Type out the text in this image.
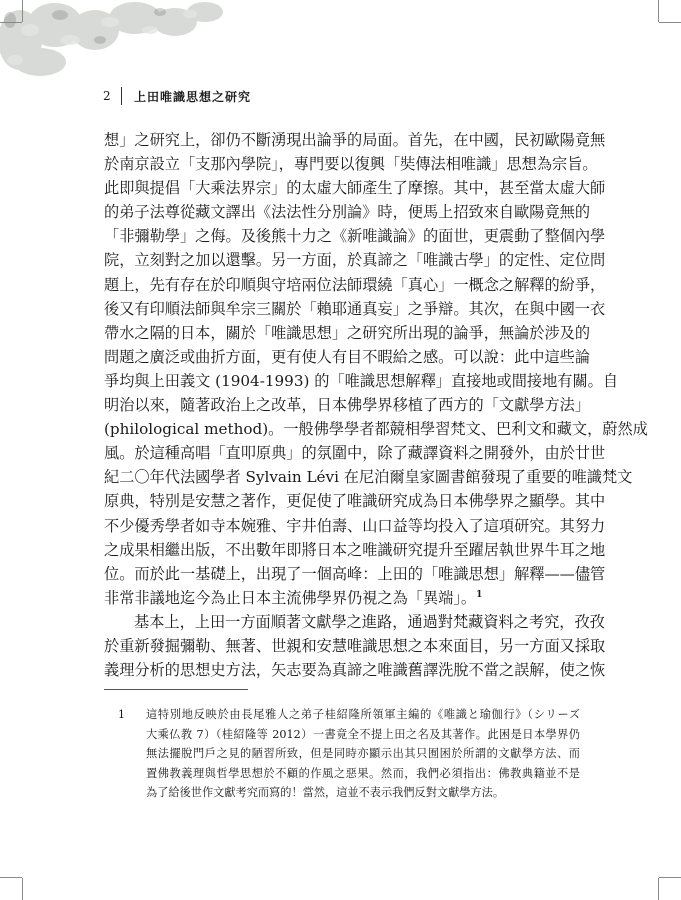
2	上田唯識思想之研究
想」之研究上，卻仍不斷湧現出論爭的局面。首先，在中國，民初歐陽竟無
於南京設立「支那內學院」，專門要以復興「奘傳法相唯識」思想為宗旨。
此即與提倡「大乘法界宗」的太虛大師產生了摩擦。其中，甚至當太虛大師
的弟子法尊從藏文譯出《法法性分別論》時，便馬上招致來自歐陽竟無的
「非彌勒學」之侮。及後熊十力之《新唯識論》的面世，更震動了整個內學
院，立刻對之加以還擊。另一方面，於真諦之「唯識古學」的定性、定位問
題上，先有存在於印順與守培兩位法師環繞「真心」一概念之解釋的紛爭，
後又有印順法師與牟宗三關於「賴耶通真妄」之爭辯。其次，在與中國一衣
帶水之隔的日本，關於「唯識思想」之研究所出現的論爭，無論於涉及的
問題之廣泛或曲折方面，更有使人有目不暇給之感。可以說：此中這些論
爭均與上田義文 (1904-1993) 的「唯識思想解釋」直接地或間接地有關。自
明治以來，隨著政治上之改革，日本佛學界移植了西方的「文獻學方法」
(philological method)。一般佛學學者都競相學習梵文、巴利文和藏文，蔚然成
風。於這種高唱「直叩原典」的氛圍中，除了藏譯資料之開發外，由於廿世
紀二〇年代法國學者 Sylvain Lévi 在尼泊爾皇家圖書館發現了重要的唯識梵文
原典，特別是安慧之著作，更促使了唯識研究成為日本佛學界之顯學。其中
不少優秀學者如寺本婉雅、宇井伯壽、山口益等均投入了這項研究。其努力
之成果相繼出版，不出數年即將日本之唯識研究提升至躍居執世界牛耳之地
位。而於此一基礎上，出現了一個高峰：上田的「唯識思想」解釋——儘管
非常非議地迄今為止日本主流佛學界仍視之為「異端」。$^1$
基本上，上田一方面順著文獻學之進路，通過對梵藏資料之考究，孜孜
於重新發掘彌勒、無著、世親和安慧唯識思想之本來面目，另一方面又採取
義理分析的思想史方法，矢志要為真諦之唯識舊譯洗脫不當之誤解，使之恢
1 這特別地反映於由長尾雅人之弟子桂紹隆所領軍主編的《唯識と瑜伽行》（シリーズ
大乘仏教 7）（桂紹隆等 2012）一書竟全不提上田之名及其著作。此困是日本學界仍
無法擺脫門戶之見的陋習所致，但是同時亦顯示出其只囿困於所謂的文獻學方法、而
置佛教義理與哲學思想於不顧的作風之惡果。然而，我們必須指出：佛教典籍並不是
為了給後世作文獻考究而寫的！當然，這並不表示我們反對文獻學方法。
